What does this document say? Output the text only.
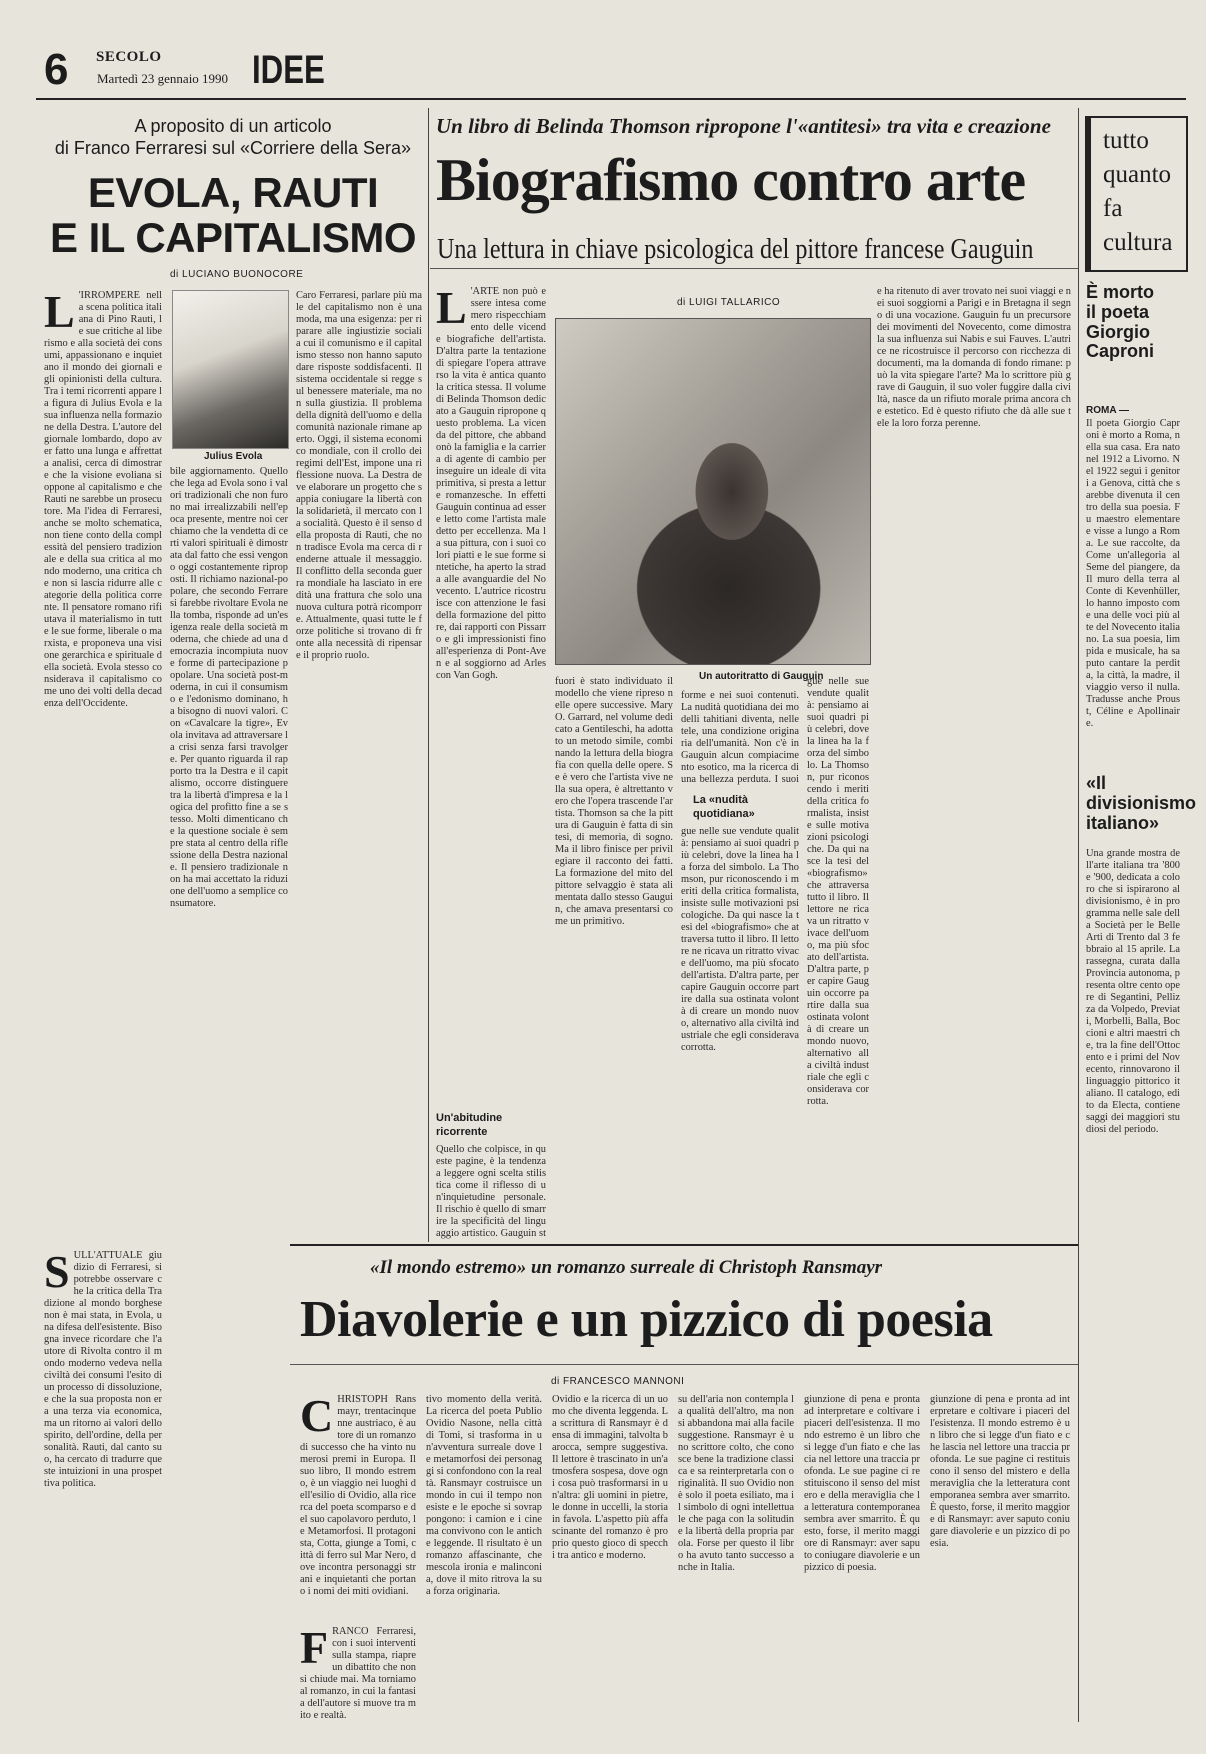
6 SECOLO
Martedì 23 gennaio 1990 IDEE
A proposito di un articolo
di Franco Ferraresi sul «Corriere della Sera»
EVOLA, RAUTI
E IL CAPITALISMO
di LUCIANO BUONOCORE
Julius Evola
L 'IRROMPERE nella scena politica italiana di Pino Rauti, le sue critiche al liberismo e alla società dei consumi, appassionano e inquietano il mondo dei giornali e gli opinionisti della cultura. Tra i temi ricorrenti appare la figura di Julius Evola e la sua influenza nella formazione della Destra. L'autore del giornale lombardo, dopo aver fatto una lunga e affrettata analisi, cerca di dimostrare che la visione evoliana si oppone al capitalismo e che Rauti ne sarebbe un prosecutore. Ma l'idea di Ferraresi, anche se molto schematica, non tiene conto della complessità del pensiero tradizionale e della sua critica al mondo moderno, una critica che non si lascia ridurre alle categorie della politica corrente. Il pensatore romano rifiutava il materialismo in tutte le sue forme, liberale o marxista, e proponeva una visione gerarchica e spirituale della società. Evola stesso considerava il capitalismo come uno dei volti della decadenza dell'Occidente.
SULL'ATTUALE giudizio di Ferraresi, si potrebbe osservare che la critica della Tradizione al mondo borghese non è mai stata, in Evola, una difesa dell'esistente. Bisogna invece ricordare che l'autore di Rivolta contro il mondo moderno vedeva nella civiltà dei consumi l'esito di un processo di dissoluzione, e che la sua proposta non era una terza via economica, ma un ritorno ai valori dello spirito, dell'ordine, della personalità. Rauti, dal canto suo, ha cercato di tradurre queste intuizioni in una prospettiva politica.
bile aggiornamento. Quello che lega ad Evola sono i valori tradizionali che non furono mai irrealizzabili nell'epoca presente, mentre noi cerchiamo che la vendetta di certi valori spirituali è dimostrata dal fatto che essi vengono oggi costantemente riproposti. Il richiamo nazional-popolare, che secondo Ferraresi farebbe rivoltare Evola nella tomba, risponde ad un'esigenza reale della società moderna, che chiede ad una democrazia incompiuta nuove forme di partecipazione popolare. Una società post-moderna, in cui il consumismo e l'edonismo dominano, ha bisogno di nuovi valori. Con «Cavalcare la tigre», Evola invitava ad attraversare la crisi senza farsi travolgere. Per quanto riguarda il rapporto tra la Destra e il capitalismo, occorre distinguere tra la libertà d'impresa e la logica del profitto fine a se stesso. Molti dimenticano che la questione sociale è sempre stata al centro della riflessione della Destra nazionale. Il pensiero tradizionale non ha mai accettato la riduzione dell'uomo a semplice consumatore.
Caro Ferraresi, parlare più male del capitalismo non è una moda, ma una esigenza: per riparare alle ingiustizie sociali a cui il comunismo e il capitalismo stesso non hanno saputo dare risposte soddisfacenti. Il sistema occidentale si regge sul benessere materiale, ma non sulla giustizia. Il problema della dignità dell'uomo e della comunità nazionale rimane aperto. Oggi, il sistema economico mondiale, con il crollo dei regimi dell'Est, impone una riflessione nuova. La Destra deve elaborare un progetto che sappia coniugare la libertà con la solidarietà, il mercato con la socialità. Questo è il senso della proposta di Rauti, che non tradisce Evola ma cerca di renderne attuale il messaggio. Il conflitto della seconda guerra mondiale ha lasciato in eredità una frattura che solo una nuova cultura potrà ricomporre. Attualmente, quasi tutte le forze politiche si trovano di fronte alla necessità di ripensare il proprio ruolo.
Un libro di Belinda Thomson ripropone l'«antitesi» tra vita e creazione
Biografismo contro arte
Una lettura in chiave psicologica del pittore francese Gauguin
di LUIGI TALLARICO
Un autoritratto di Gauguin
L 'ARTE non può essere intesa come mero rispecchiamento delle vicende biografiche dell'artista. D'altra parte la tentazione di spiegare l'opera attraverso la vita è antica quanto la critica stessa. Il volume di Belinda Thomson dedicato a Gauguin ripropone questo problema. La vicenda del pittore, che abbandonò la famiglia e la carriera di agente di cambio per inseguire un ideale di vita primitiva, si presta a letture romanzesche. In effetti Gauguin continua ad essere letto come l'artista maledetto per eccellenza. Ma la sua pittura, con i suoi colori piatti e le sue forme sintetiche, ha aperto la strada alle avanguardie del Novecento. L'autrice ricostruisce con attenzione le fasi della formazione del pittore, dai rapporti con Pissarro e gli impressionisti fino all'esperienza di Pont-Aven e al soggiorno ad Arles con Van Gogh.
Un'abitudine
ricorrente
Quello che colpisce, in queste pagine, è la tendenza a leggere ogni scelta stilistica come il riflesso di un'inquietudine personale. Il rischio è quello di smarrire la specificità del linguaggio artistico. Gauguin st
fuori è stato individuato il modello che viene ripreso nelle opere successive. Mary O. Garrard, nel volume dedicato a Gentileschi, ha adottato un metodo simile, combinando la lettura della biografia con quella delle opere. Se è vero che l'artista vive nella sua opera, è altrettanto vero che l'opera trascende l'artista. Thomson sa che la pittura di Gauguin è fatta di sintesi, di memoria, di sogno. Ma il libro finisce per privilegiare il racconto dei fatti. La formazione del mito del pittore selvaggio è stata alimentata dallo stesso Gauguin, che amava presentarsi come un primitivo.
forme e nei suoi contenuti. La nudità quotidiana dei modelli tahitiani diventa, nelle tele, una condizione originaria dell'umanità. Non c'è in Gauguin alcun compiacimento esotico, ma la ricerca di una bellezza perduta. I suoi
La «nudità
quotidiana»
gue nelle sue vendute qualità: pensiamo ai suoi quadri più celebri, dove la linea ha la forza del simbolo. La Thomson, pur riconoscendo i meriti della critica formalista, insiste sulle motivazioni psicologiche. Da qui nasce la tesi del «biografismo» che attraversa tutto il libro. Il lettore ne ricava un ritratto vivace dell'uomo, ma più sfocato dell'artista. D'altra parte, per capire Gauguin occorre partire dalla sua ostinata volontà di creare un mondo nuovo, alternativo alla civiltà industriale che egli considerava corrotta.
gue nelle sue vendute qualità: pensiamo ai suoi quadri più celebri, dove la linea ha la forza del simbolo. La Thomson, pur riconoscendo i meriti della critica formalista, insiste sulle motivazioni psicologiche. Da qui nasce la tesi del «biografismo» che attraversa tutto il libro. Il lettore ne ricava un ritratto vivace dell'uomo, ma più sfocato dell'artista. D'altra parte, per capire Gauguin occorre partire dalla sua ostinata volontà di creare un mondo nuovo, alternativo alla civiltà industriale che egli considerava corrotta.
e ha ritenuto di aver trovato nei suoi viaggi e nei suoi soggiorni a Parigi e in Bretagna il segno di una vocazione. Gauguin fu un precursore dei movimenti del Novecento, come dimostra la sua influenza sui Nabis e sui Fauves. L'autrice ne ricostruisce il percorso con ricchezza di documenti, ma la domanda di fondo rimane: può la vita spiegare l'arte? Ma lo scrittore più grave di Gauguin, il suo voler fuggire dalla civiltà, nasce da un rifiuto morale prima ancora che estetico. Ed è questo rifiuto che dà alle sue tele la loro forza perenne.
«Il mondo estremo» un romanzo surreale di Christoph Ransmayr
Diavolerie e un pizzico di poesia
di FRANCESCO MANNONI
CHRISTOPH Ransmayr, trentacinquenne austriaco, è autore di un romanzo di successo che ha vinto numerosi premi in Europa. Il suo libro, Il mondo estremo, è un viaggio nei luoghi dell'esilio di Ovidio, alla ricerca del poeta scomparso e del suo capolavoro perduto, le Metamorfosi. Il protagonista, Cotta, giunge a Tomi, città di ferro sul Mar Nero, dove incontra personaggi strani e inquietanti che portano i nomi dei miti ovidiani.
FRANCO Ferraresi, con i suoi interventi sulla stampa, riapre un dibattito che non si chiude mai. Ma torniamo al romanzo, in cui la fantasia dell'autore si muove tra mito e realtà.
tivo momento della verità. La ricerca del poeta Publio Ovidio Nasone, nella città di Tomi, si trasforma in un'avventura surreale dove le metamorfosi dei personaggi si confondono con la realtà. Ransmayr costruisce un mondo in cui il tempo non esiste e le epoche si sovrappongono: i camion e i cinema convivono con le antiche leggende. Il risultato è un romanzo affascinante, che mescola ironia e malinconia, dove il mito ritrova la sua forza originaria.
Ovidio e la ricerca di un uomo che diventa leggenda. La scrittura di Ransmayr è densa di immagini, talvolta barocca, sempre suggestiva. Il lettore è trascinato in un'atmosfera sospesa, dove ogni cosa può trasformarsi in un'altra: gli uomini in pietre, le donne in uccelli, la storia in favola. L'aspetto più affascinante del romanzo è proprio questo gioco di specchi tra antico e moderno.
su dell'aria non contempla la qualità dell'altro, ma non si abbandona mai alla facile suggestione. Ransmayr è uno scrittore colto, che conosce bene la tradizione classica e sa reinterpretarla con originalità. Il suo Ovidio non è solo il poeta esiliato, ma il simbolo di ogni intellettuale che paga con la solitudine la libertà della propria parola. Forse per questo il libro ha avuto tanto successo anche in Italia.
giunzione di pena e pronta ad interpretare e coltivare i piaceri dell'esistenza. Il mondo estremo è un libro che si legge d'un fiato e che lascia nel lettore una traccia profonda. Le sue pagine ci restituiscono il senso del mistero e della meraviglia che la letteratura contemporanea sembra aver smarrito. È questo, forse, il merito maggiore di Ransmayr: aver saputo coniugare diavolerie e un pizzico di poesia.
giunzione di pena e pronta ad interpretare e coltivare i piaceri dell'esistenza. Il mondo estremo è un libro che si legge d'un fiato e che lascia nel lettore una traccia profonda. Le sue pagine ci restituiscono il senso del mistero e della meraviglia che la letteratura contemporanea sembra aver smarrito. È questo, forse, il merito maggiore di Ransmayr: aver saputo coniugare diavolerie e un pizzico di poesia.
tutto
quanto
fa
cultura
È morto
il poeta
Giorgio
Caproni
ROMA —
Il poeta Giorgio Caproni è morto a Roma, nella sua casa. Era nato nel 1912 a Livorno. Nel 1922 seguì i genitori a Genova, città che sarebbe divenuta il centro della sua poesia. Fu maestro elementare e visse a lungo a Roma. Le sue raccolte, da Come un'allegoria al Seme del piangere, da Il muro della terra al Conte di Kevenhüller, lo hanno imposto come una delle voci più alte del Novecento italiano. La sua poesia, limpida e musicale, ha saputo cantare la perdita, la città, la madre, il viaggio verso il nulla. Tradusse anche Proust, Céline e Apollinaire.
«Il
divisionismo
italiano»
Una grande mostra dell'arte italiana tra '800 e '900, dedicata a coloro che si ispirarono al divisionismo, è in programma nelle sale della Società per le Belle Arti di Trento dal 3 febbraio al 15 aprile. La rassegna, curata dalla Provincia autonoma, presenta oltre cento opere di Segantini, Pellizza da Volpedo, Previati, Morbelli, Balla, Boccioni e altri maestri che, tra la fine dell'Ottocento e i primi del Novecento, rinnovarono il linguaggio pittorico italiano. Il catalogo, edito da Electa, contiene saggi dei maggiori studiosi del periodo.
